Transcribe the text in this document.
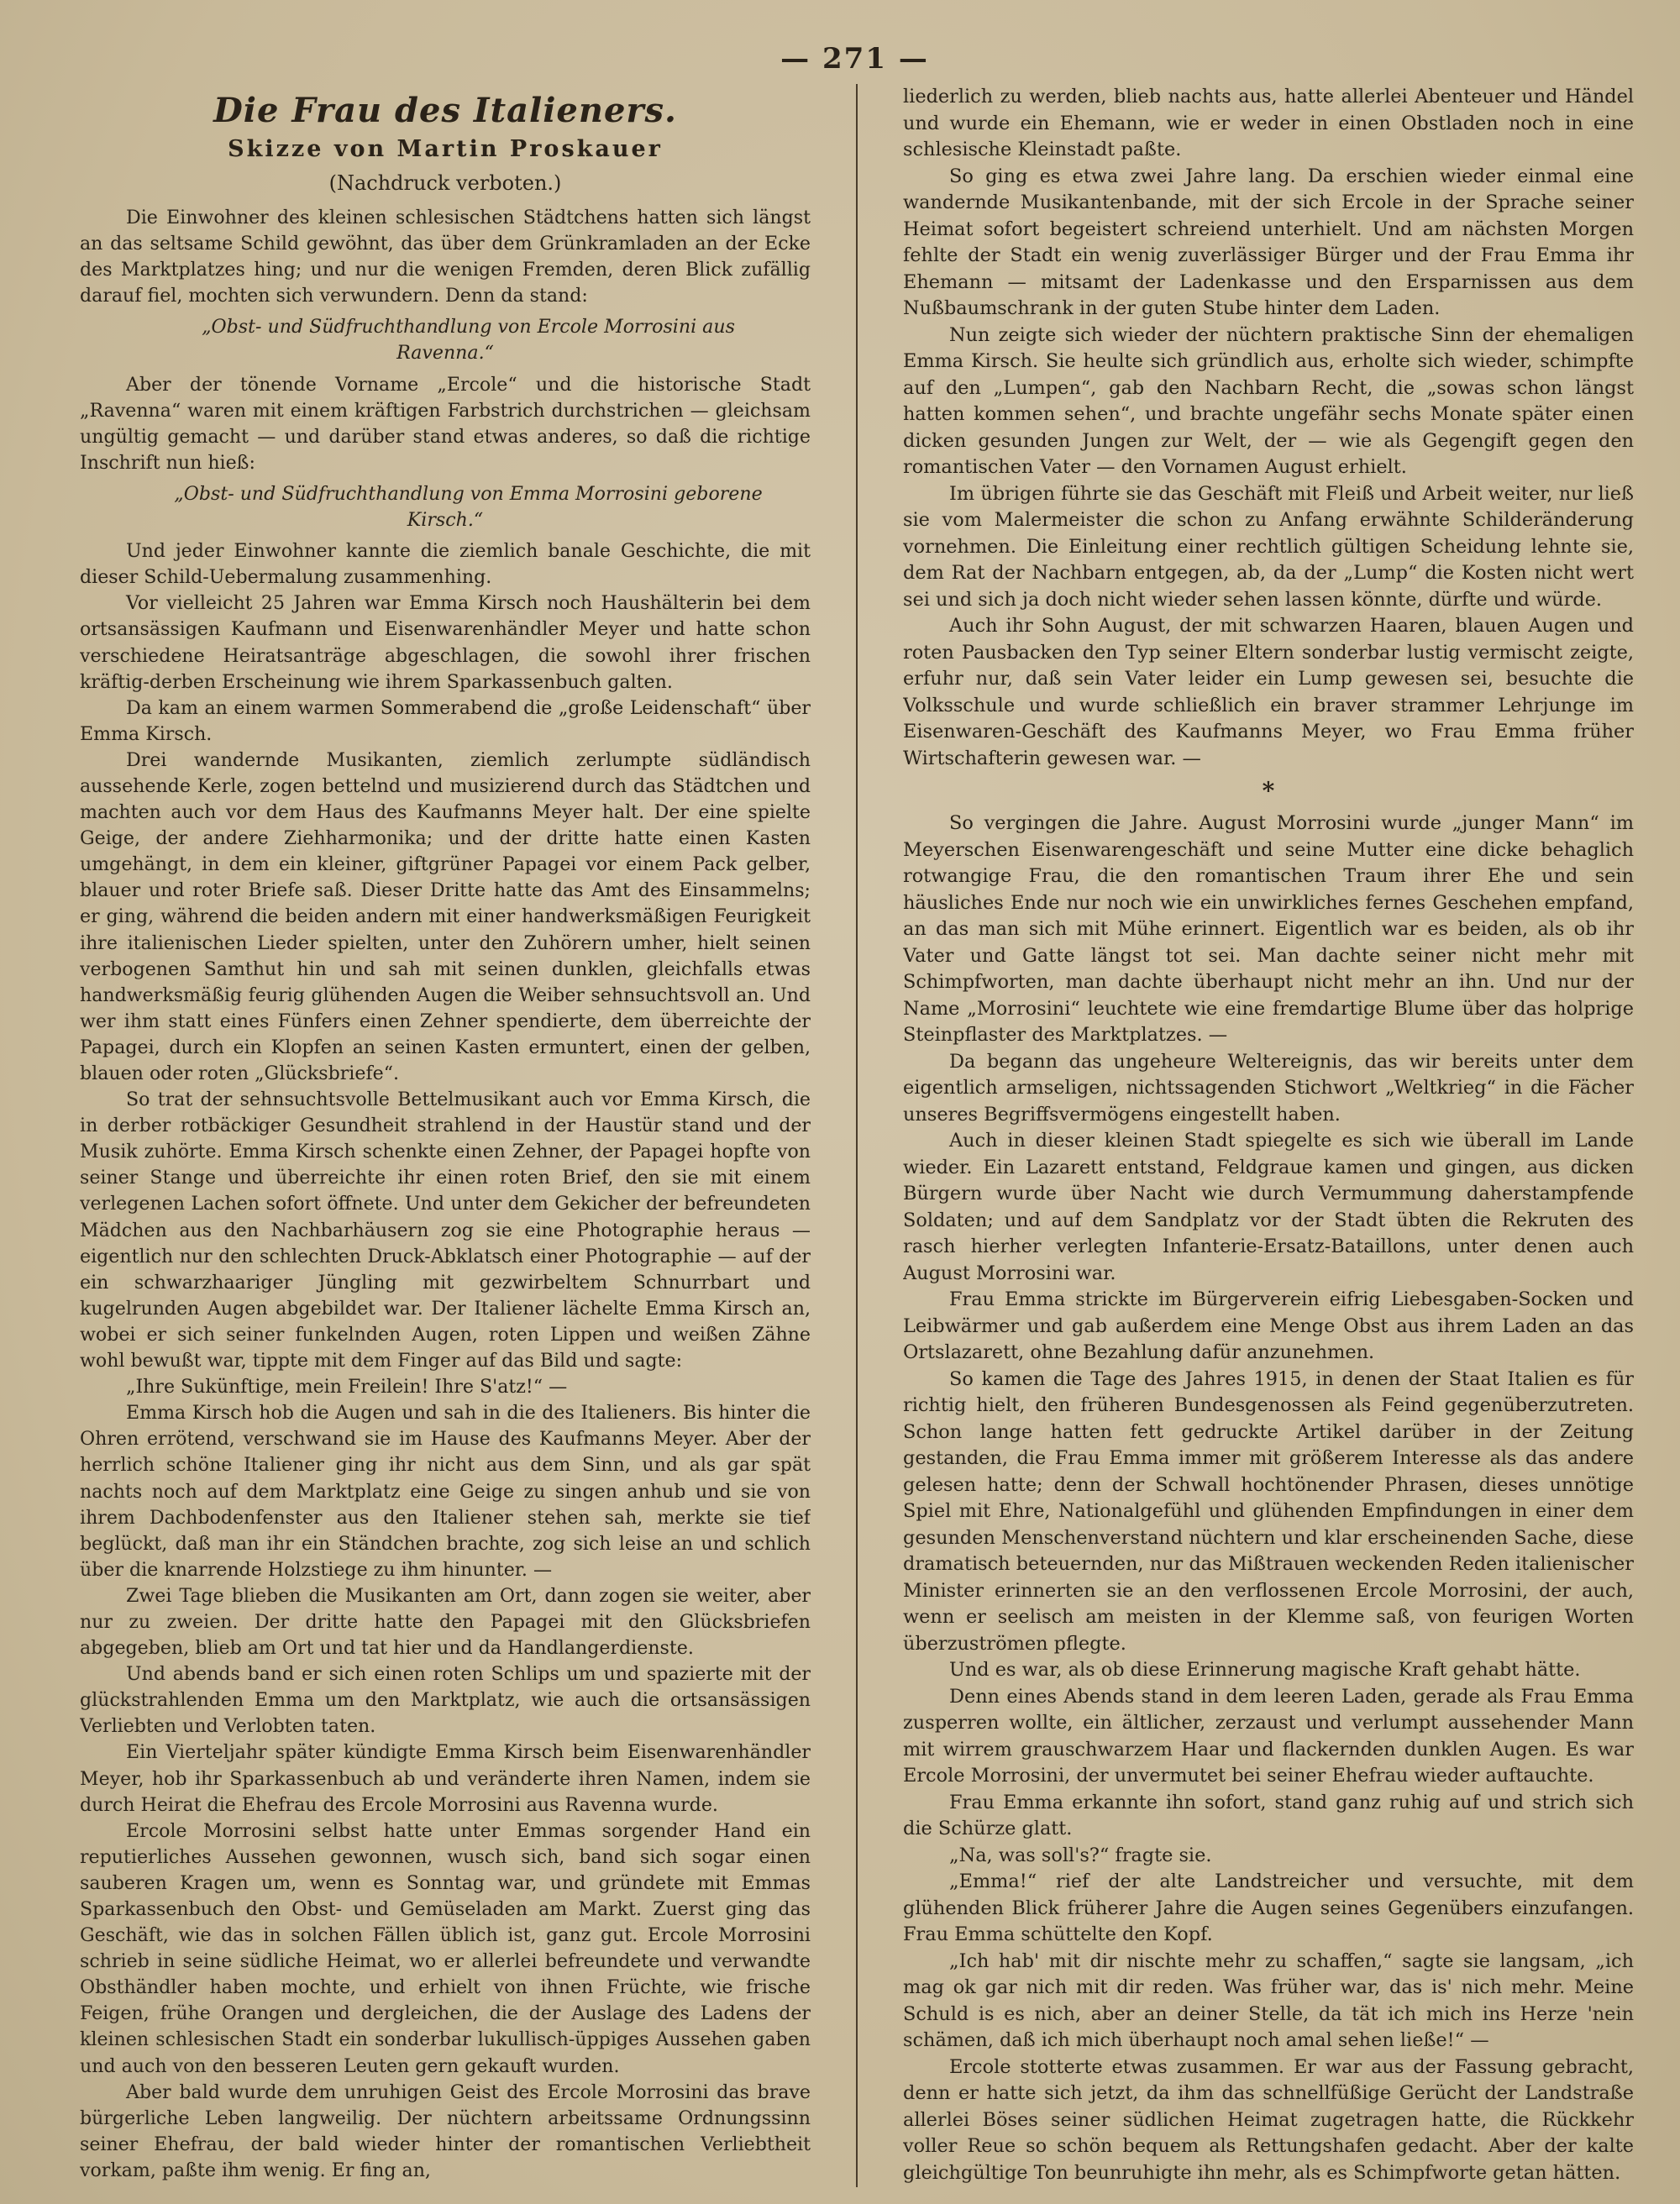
— 271 —
Die Frau des Italieners.
Skizze von Martin Proskauer
(Nachdruck verboten.)

Die Einwohner des kleinen schlesischen Städtchens hatten sich längst an das seltsame Schild gewöhnt, das über dem Grünkramladen an der Ecke des Marktplatzes hing; und nur die wenigen Fremden, deren Blick zufällig darauf fiel, mochten sich verwundern. Denn da stand:

„Obst- und Südfruchthandlung von Ercole Morrosini aus Ravenna.“

Aber der tönende Vorname „Ercole“ und die historische Stadt „Ravenna“ waren mit einem kräftigen Farbstrich durchstrichen — gleichsam ungültig gemacht — und darüber stand etwas anderes, so daß die richtige Inschrift nun hieß:

„Obst- und Südfruchthandlung von Emma Morrosini geborene Kirsch.“

Und jeder Einwohner kannte die ziemlich banale Geschichte, die mit dieser Schild-Uebermalung zusammenhing.

Vor vielleicht 25 Jahren war Emma Kirsch noch Haushälterin bei dem ortsansässigen Kaufmann und Eisenwarenhändler Meyer und hatte schon verschiedene Heiratsanträge abgeschlagen, die sowohl ihrer frischen kräftig-derben Erscheinung wie ihrem Sparkassenbuch galten.

Da kam an einem warmen Sommerabend die „große Leidenschaft“ über Emma Kirsch.

Drei wandernde Musikanten, ziemlich zerlumpte südländisch aussehende Kerle, zogen bettelnd und musizierend durch das Städtchen und machten auch vor dem Haus des Kaufmanns Meyer halt. Der eine spielte Geige, der andere Ziehharmonika; und der dritte hatte einen Kasten umgehängt, in dem ein kleiner, giftgrüner Papagei vor einem Pack gelber, blauer und roter Briefe saß. Dieser Dritte hatte das Amt des Einsammelns; er ging, während die beiden andern mit einer handwerksmäßigen Feurigkeit ihre italienischen Lieder spielten, unter den Zuhörern umher, hielt seinen verbogenen Samthut hin und sah mit seinen dunklen, gleichfalls etwas handwerksmäßig feurig glühenden Augen die Weiber sehnsuchtsvoll an. Und wer ihm statt eines Fünfers einen Zehner spendierte, dem überreichte der Papagei, durch ein Klopfen an seinen Kasten ermuntert, einen der gelben, blauen oder roten „Glücksbriefe“.

So trat der sehnsuchtsvolle Bettelmusikant auch vor Emma Kirsch, die in derber rotbäckiger Gesundheit strahlend in der Haustür stand und der Musik zuhörte. Emma Kirsch schenkte einen Zehner, der Papagei hopfte von seiner Stange und überreichte ihr einen roten Brief, den sie mit einem verlegenen Lachen sofort öffnete. Und unter dem Gekicher der befreundeten Mädchen aus den Nachbarhäusern zog sie eine Photographie heraus — eigentlich nur den schlechten Druck-Abklatsch einer Photographie — auf der ein schwarzhaariger Jüngling mit gezwirbeltem Schnurrbart und kugelrunden Augen abgebildet war. Der Italiener lächelte Emma Kirsch an, wobei er sich seiner funkelnden Augen, roten Lippen und weißen Zähne wohl bewußt war, tippte mit dem Finger auf das Bild und sagte:

„Ihre Sukünftige, mein Freilein! Ihre S'atz!“ —

Emma Kirsch hob die Augen und sah in die des Italieners. Bis hinter die Ohren errötend, verschwand sie im Hause des Kaufmanns Meyer. Aber der herrlich schöne Italiener ging ihr nicht aus dem Sinn, und als gar spät nachts noch auf dem Marktplatz eine Geige zu singen anhub und sie von ihrem Dachbodenfenster aus den Italiener stehen sah, merkte sie tief beglückt, daß man ihr ein Ständchen brachte, zog sich leise an und schlich über die knarrende Holzstiege zu ihm hinunter. —

Zwei Tage blieben die Musikanten am Ort, dann zogen sie weiter, aber nur zu zweien. Der dritte hatte den Papagei mit den Glücksbriefen abgegeben, blieb am Ort und tat hier und da Handlangerdienste.

Und abends band er sich einen roten Schlips um und spazierte mit der glückstrahlenden Emma um den Marktplatz, wie auch die ortsansässigen Verliebten und Verlobten taten.

Ein Vierteljahr später kündigte Emma Kirsch beim Eisenwarenhändler Meyer, hob ihr Sparkassenbuch ab und veränderte ihren Namen, indem sie durch Heirat die Ehefrau des Ercole Morrosini aus Ravenna wurde.

Ercole Morrosini selbst hatte unter Emmas sorgender Hand ein reputierliches Aussehen gewonnen, wusch sich, band sich sogar einen sauberen Kragen um, wenn es Sonntag war, und gründete mit Emmas Sparkassenbuch den Obst- und Gemüseladen am Markt. Zuerst ging das Geschäft, wie das in solchen Fällen üblich ist, ganz gut. Ercole Morrosini schrieb in seine südliche Heimat, wo er allerlei befreundete und verwandte Obsthändler haben mochte, und erhielt von ihnen Früchte, wie frische Feigen, frühe Orangen und dergleichen, die der Auslage des Ladens der kleinen schlesischen Stadt ein sonderbar lukullisch-üppiges Aussehen gaben und auch von den besseren Leuten gern gekauft wurden.

Aber bald wurde dem unruhigen Geist des Ercole Morrosini das brave bürgerliche Leben langweilig. Der nüchtern arbeitssame Ordnungssinn seiner Ehefrau, der bald wieder hinter der romantischen Verliebtheit vorkam, paßte ihm wenig. Er fing an,

liederlich zu werden, blieb nachts aus, hatte allerlei Abenteuer und Händel und wurde ein Ehemann, wie er weder in einen Obstladen noch in eine schlesische Kleinstadt paßte.

So ging es etwa zwei Jahre lang. Da erschien wieder einmal eine wandernde Musikantenbande, mit der sich Ercole in der Sprache seiner Heimat sofort begeistert schreiend unterhielt. Und am nächsten Morgen fehlte der Stadt ein wenig zuverlässiger Bürger und der Frau Emma ihr Ehemann — mitsamt der Ladenkasse und den Ersparnissen aus dem Nußbaumschrank in der guten Stube hinter dem Laden.

Nun zeigte sich wieder der nüchtern praktische Sinn der ehemaligen Emma Kirsch. Sie heulte sich gründlich aus, erholte sich wieder, schimpfte auf den „Lumpen“, gab den Nachbarn Recht, die „sowas schon längst hatten kommen sehen“, und brachte ungefähr sechs Monate später einen dicken gesunden Jungen zur Welt, der — wie als Gegengift gegen den romantischen Vater — den Vornamen August erhielt.

Im übrigen führte sie das Geschäft mit Fleiß und Arbeit weiter, nur ließ sie vom Malermeister die schon zu Anfang erwähnte Schilderänderung vornehmen. Die Einleitung einer rechtlich gültigen Scheidung lehnte sie, dem Rat der Nachbarn entgegen, ab, da der „Lump“ die Kosten nicht wert sei und sich ja doch nicht wieder sehen lassen könnte, dürfte und würde.

Auch ihr Sohn August, der mit schwarzen Haaren, blauen Augen und roten Pausbacken den Typ seiner Eltern sonderbar lustig vermischt zeigte, erfuhr nur, daß sein Vater leider ein Lump gewesen sei, besuchte die Volksschule und wurde schließlich ein braver strammer Lehrjunge im Eisenwaren-Geschäft des Kaufmanns Meyer, wo Frau Emma früher Wirtschafterin gewesen war. —

*

So vergingen die Jahre. August Morrosini wurde „junger Mann“ im Meyerschen Eisenwarengeschäft und seine Mutter eine dicke behaglich rotwangige Frau, die den romantischen Traum ihrer Ehe und sein häusliches Ende nur noch wie ein unwirkliches fernes Geschehen empfand, an das man sich mit Mühe erinnert. Eigentlich war es beiden, als ob ihr Vater und Gatte längst tot sei. Man dachte seiner nicht mehr mit Schimpfworten, man dachte überhaupt nicht mehr an ihn. Und nur der Name „Morrosini“ leuchtete wie eine fremdartige Blume über das holprige Steinpflaster des Marktplatzes. —

Da begann das ungeheure Weltereignis, das wir bereits unter dem eigentlich armseligen, nichtssagenden Stichwort „Weltkrieg“ in die Fächer unseres Begriffsvermögens eingestellt haben.

Auch in dieser kleinen Stadt spiegelte es sich wie überall im Lande wieder. Ein Lazarett entstand, Feldgraue kamen und gingen, aus dicken Bürgern wurde über Nacht wie durch Vermummung daherstampfende Soldaten; und auf dem Sandplatz vor der Stadt übten die Rekruten des rasch hierher verlegten Infanterie-Ersatz-Bataillons, unter denen auch August Morrosini war.

Frau Emma strickte im Bürgerverein eifrig Liebesgaben-Socken und Leibwärmer und gab außerdem eine Menge Obst aus ihrem Laden an das Ortslazarett, ohne Bezahlung dafür anzunehmen.

So kamen die Tage des Jahres 1915, in denen der Staat Italien es für richtig hielt, den früheren Bundesgenossen als Feind gegenüberzutreten. Schon lange hatten fett gedruckte Artikel darüber in der Zeitung gestanden, die Frau Emma immer mit größerem Interesse als das andere gelesen hatte; denn der Schwall hochtönender Phrasen, dieses unnötige Spiel mit Ehre, Nationalgefühl und glühenden Empfindungen in einer dem gesunden Menschenverstand nüchtern und klar erscheinenden Sache, diese dramatisch beteuernden, nur das Mißtrauen weckenden Reden italienischer Minister erinnerten sie an den verflossenen Ercole Morrosini, der auch, wenn er seelisch am meisten in der Klemme saß, von feurigen Worten überzuströmen pflegte.

Und es war, als ob diese Erinnerung magische Kraft gehabt hätte.

Denn eines Abends stand in dem leeren Laden, gerade als Frau Emma zusperren wollte, ein ältlicher, zerzaust und verlumpt aussehender Mann mit wirrem grauschwarzem Haar und flackernden dunklen Augen. Es war Ercole Morrosini, der unvermutet bei seiner Ehefrau wieder auftauchte.

Frau Emma erkannte ihn sofort, stand ganz ruhig auf und strich sich die Schürze glatt.

„Na, was soll's?“ fragte sie.

„Emma!“ rief der alte Landstreicher und versuchte, mit dem glühenden Blick früherer Jahre die Augen seines Gegenübers einzufangen. Frau Emma schüttelte den Kopf.

„Ich hab' mit dir nischte mehr zu schaffen,“ sagte sie langsam, „ich mag ok gar nich mit dir reden. Was früher war, das is' nich mehr. Meine Schuld is es nich, aber an deiner Stelle, da tät ich mich ins Herze 'nein schämen, daß ich mich überhaupt noch amal sehen ließe!“ —

Ercole stotterte etwas zusammen. Er war aus der Fassung gebracht, denn er hatte sich jetzt, da ihm das schnellfüßige Gerücht der Landstraße allerlei Böses seiner südlichen Heimat zugetragen hatte, die Rückkehr voller Reue so schön bequem als Rettungshafen gedacht. Aber der kalte gleichgültige Ton beunruhigte ihn mehr, als es Schimpfworte getan hätten.
